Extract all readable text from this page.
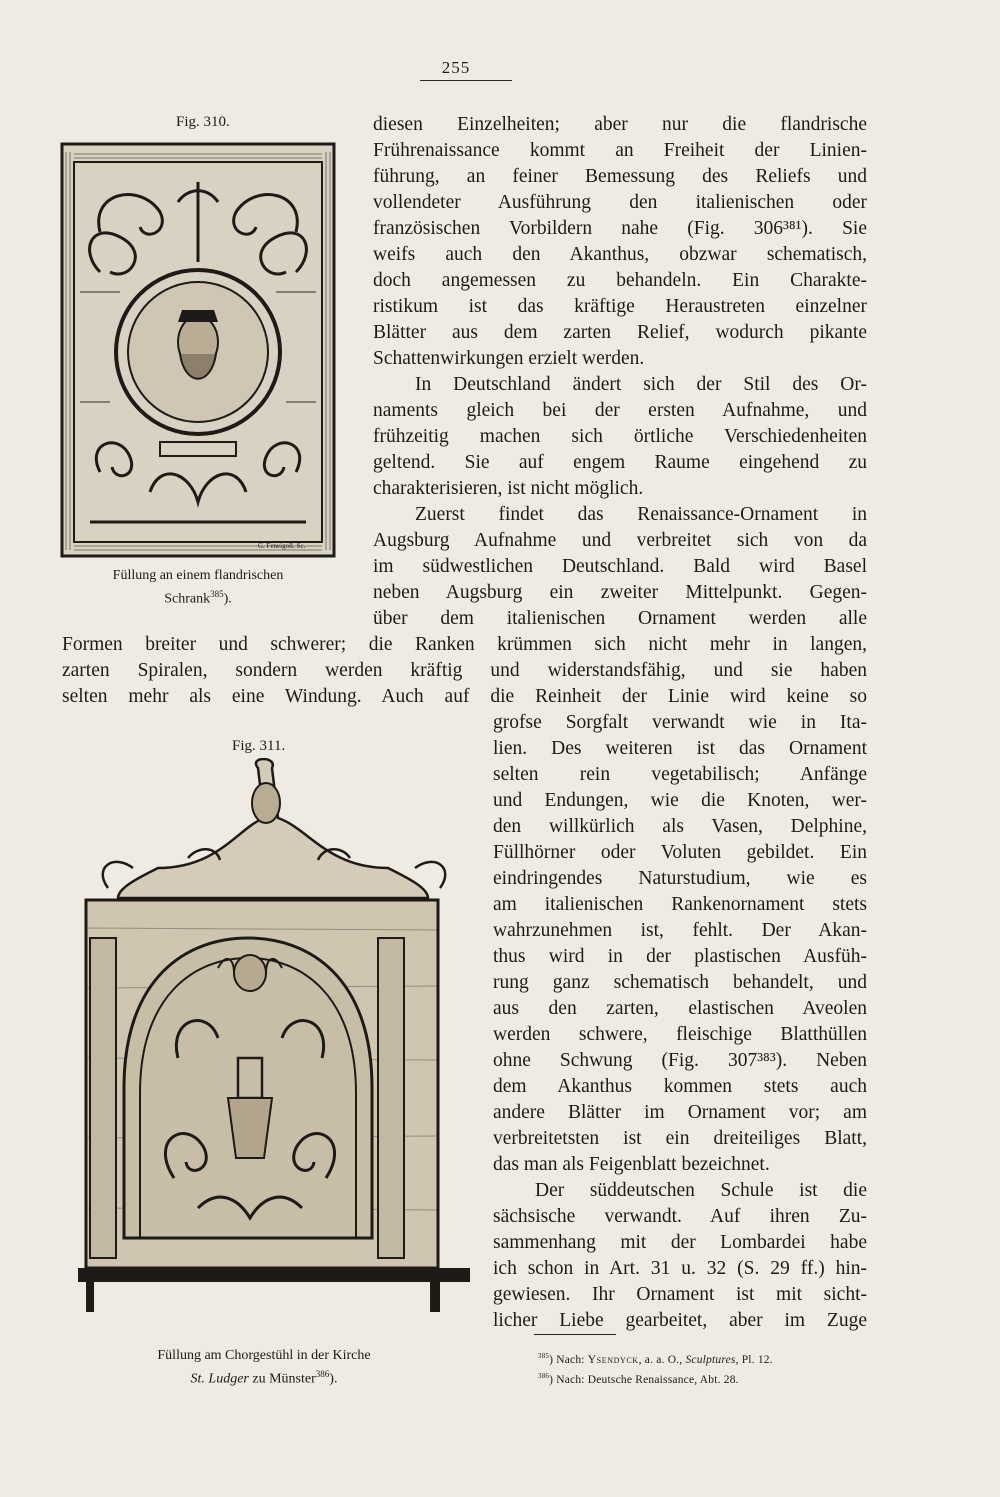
255
Fig. 310.
G. Feneigoll. Sc.
Füllung an einem flandrischen
Schrank$^{385}$).
Fig. 311.
Füllung am Chorgestühl in der Kirche
St. Ludger zu Münster$^{386}$).
diesen Einzelheiten; aber nur die flandrische
Frührenaissance kommt an Freiheit der Linien-
führung, an feiner Bemessung des Reliefs und
vollendeter Ausführung den italienischen oder
französischen Vorbildern nahe (Fig. 306³⁸¹). Sie
weifs auch den Akanthus, obzwar schematisch,
doch angemessen zu behandeln. Ein Charakte-
ristikum ist das kräftige Heraustreten einzelner
Blätter aus dem zarten Relief, wodurch pikante
Schattenwirkungen erzielt werden.
In Deutschland ändert sich der Stil des Or-
naments gleich bei der ersten Aufnahme, und
frühzeitig machen sich örtliche Verschiedenheiten
geltend. Sie auf engem Raume eingehend zu
charakterisieren, ist nicht möglich.
Zuerst findet das Renaissance-Ornament in
Augsburg Aufnahme und verbreitet sich von da
im südwestlichen Deutschland. Bald wird Basel
neben Augsburg ein zweiter Mittelpunkt. Gegen-
über dem italienischen Ornament werden alle
Formen breiter und schwerer; die Ranken krümmen sich nicht mehr in langen,
zarten Spiralen, sondern werden kräftig und widerstandsfähig, und sie haben
selten mehr als eine Windung. Auch auf die Reinheit der Linie wird keine so
grofse Sorgfalt verwandt wie in Ita-
lien. Des weiteren ist das Ornament
selten rein vegetabilisch; Anfänge
und Endungen, wie die Knoten, wer-
den willkürlich als Vasen, Delphine,
Füllhörner oder Voluten gebildet. Ein
eindringendes Naturstudium, wie es
am italienischen Rankenornament stets
wahrzunehmen ist, fehlt. Der Akan-
thus wird in der plastischen Ausfüh-
rung ganz schematisch behandelt, und
aus den zarten, elastischen Aveolen
werden schwere, fleischige Blatthüllen
ohne Schwung (Fig. 307³⁸³). Neben
dem Akanthus kommen stets auch
andere Blätter im Ornament vor; am
verbreitetsten ist ein dreiteiliges Blatt,
das man als Feigenblatt bezeichnet.
Der süddeutschen Schule ist die
sächsische verwandt. Auf ihren Zu-
sammenhang mit der Lombardei habe
ich schon in Art. 31 u. 32 (S. 29 ff.) hin-
gewiesen. Ihr Ornament ist mit sicht-
licher Liebe gearbeitet, aber im Zuge
$^{385}$) Nach: Ysendyck, a. a. O., Sculptures, Pl. 12.
$^{386}$) Nach: Deutsche Renaissance, Abt. 28.
